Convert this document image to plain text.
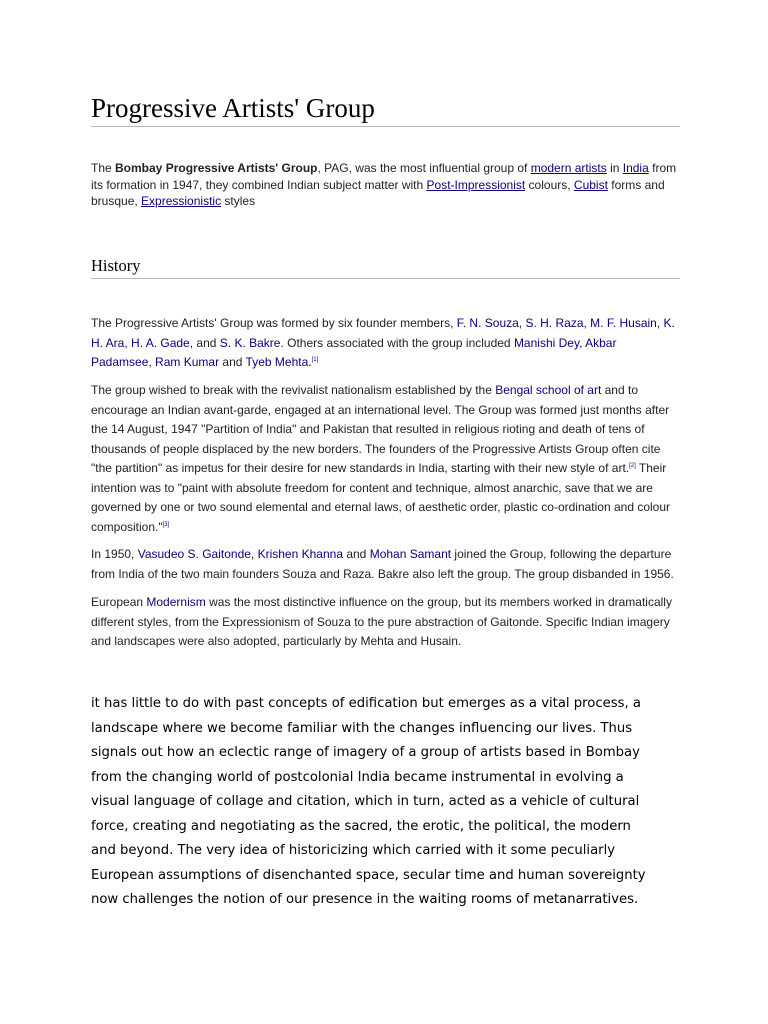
Progressive Artists' Group

The Bombay Progressive Artists' Group, PAG, was the most influential group of modern artists in India from its formation in 1947, they combined Indian subject matter with Post-Impressionist colours, Cubist forms and brusque, Expressionistic styles

History

The Progressive Artists' Group was formed by six founder members, F. N. Souza, S. H. Raza, M. F. Husain, K. H. Ara, H. A. Gade, and S. K. Bakre. Others associated with the group included Manishi Dey, Akbar Padamsee, Ram Kumar and Tyeb Mehta.[1]

The group wished to break with the revivalist nationalism established by the Bengal school of art and to encourage an Indian avant-garde, engaged at an international level. The Group was formed just months after the 14 August, 1947 "Partition of India" and Pakistan that resulted in religious rioting and death of tens of thousands of people displaced by the new borders. The founders of the Progressive Artists Group often cite "the partition" as impetus for their desire for new standards in India, starting with their new style of art.[2] Their intention was to "paint with absolute freedom for content and technique, almost anarchic, save that we are governed by one or two sound elemental and eternal laws, of aesthetic order, plastic co-ordination and colour composition."[3]

In 1950, Vasudeo S. Gaitonde, Krishen Khanna and Mohan Samant joined the Group, following the departure from India of the two main founders Souza and Raza. Bakre also left the group. The group disbanded in 1956.

European Modernism was the most distinctive influence on the group, but its members worked in dramatically different styles, from the Expressionism of Souza to the pure abstraction of Gaitonde. Specific Indian imagery and landscapes were also adopted, particularly by Mehta and Husain.

it has little to do with past concepts of edification but emerges as a vital process, a
landscape where we become familiar with the changes influencing our lives. Thus
signals out how an eclectic range of imagery of a group of artists based in Bombay
from the changing world of postcolonial India became instrumental in evolving a
visual language of collage and citation, which in turn, acted as a vehicle of cultural
force, creating and negotiating as the sacred, the erotic, the political, the modern
and beyond. The very idea of historicizing which carried with it some peculiarly
European assumptions of disenchanted space, secular time and human sovereignty
now challenges the notion of our presence in the waiting rooms of metanarratives.
